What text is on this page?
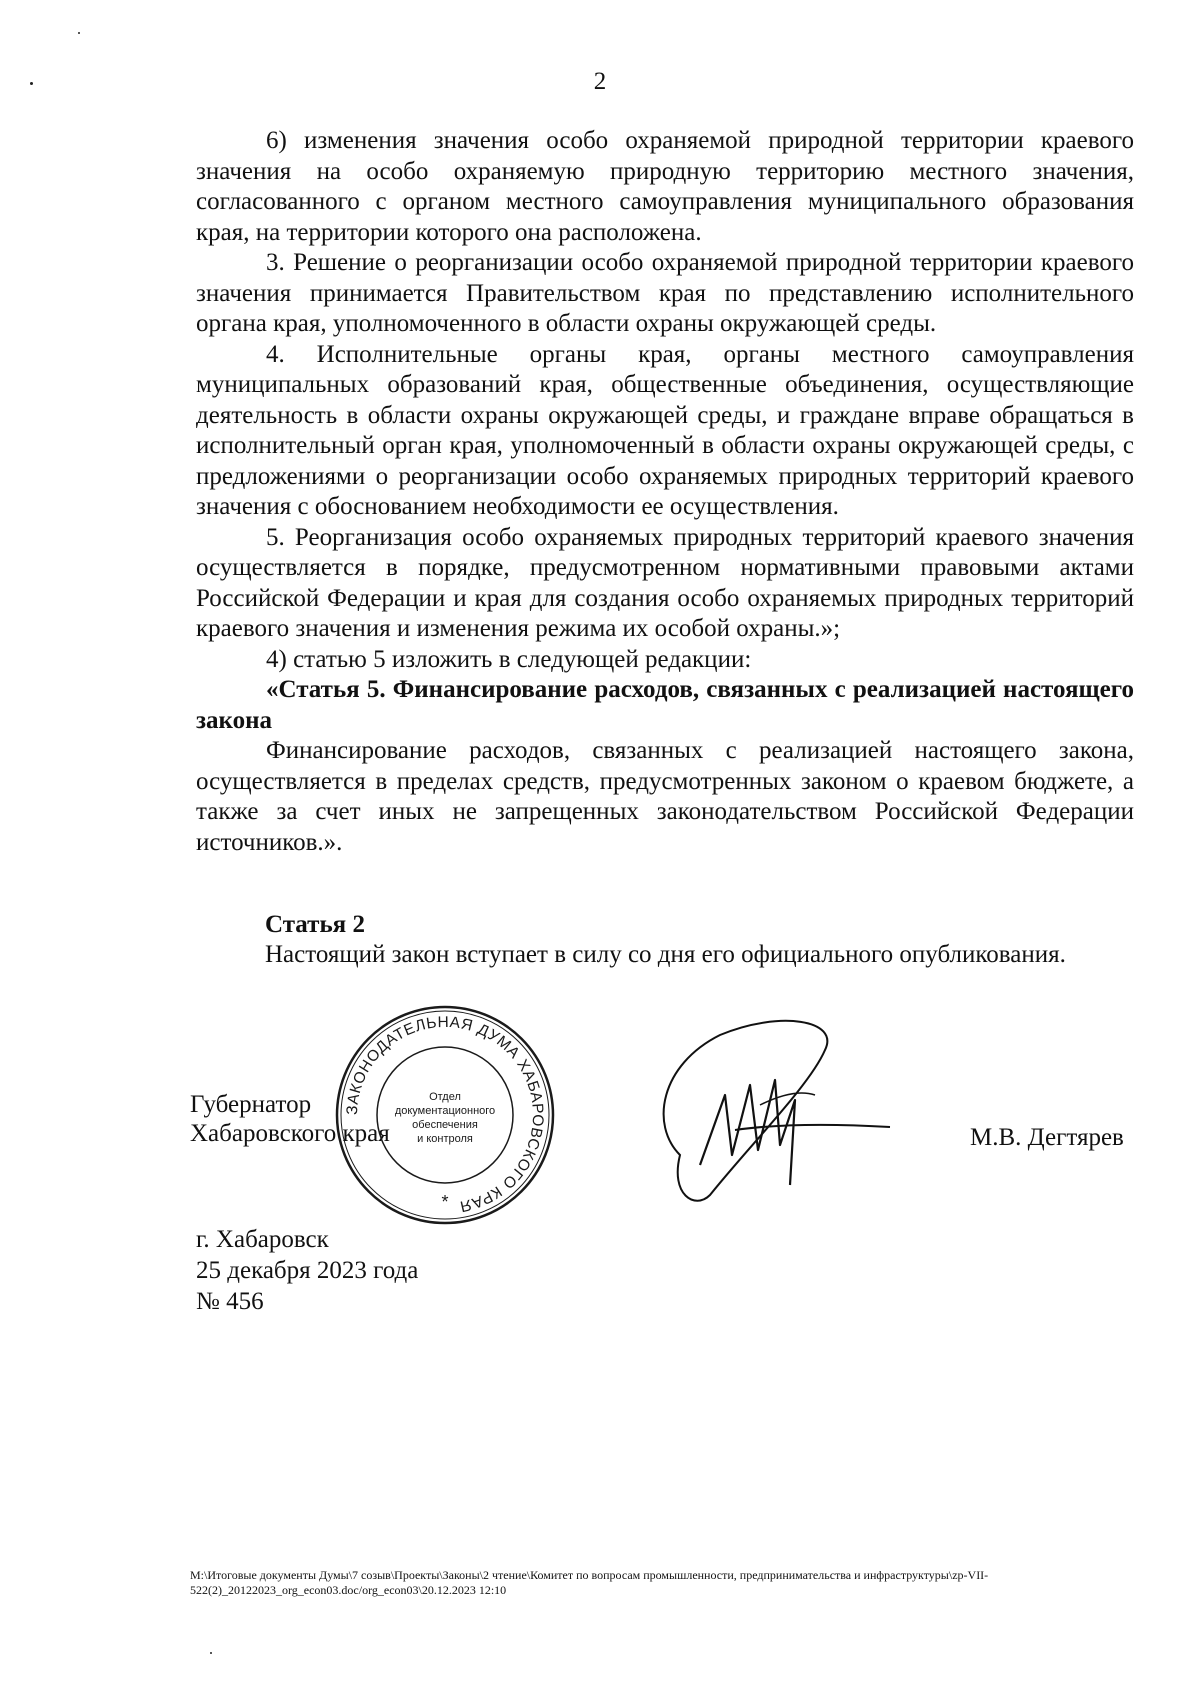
2

6) изменения значения особо охраняемой природной территории краевого значения на особо охраняемую природную территорию местного значения, согласованного с органом местного самоуправления муниципального образования края, на территории которого она расположена.

3. Решение о реорганизации особо охраняемой природной территории краевого значения принимается Правительством края по представлению исполнительного органа края, уполномоченного в области охраны окружающей среды.

4. Исполнительные органы края, органы местного самоуправления муниципальных образований края, общественные объединения, осуществляющие деятельность в области охраны окружающей среды, и граждане вправе обращаться в исполнительный орган края, уполномоченный в области охраны окружающей среды, с предложениями о реорганизации особо охраняемых природных территорий краевого значения с обоснованием необходимости ее осуществления.

5. Реорганизация особо охраняемых природных территорий краевого значения осуществляется в порядке, предусмотренном нормативными правовыми актами Российской Федерации и края для создания особо охраняемых природных территорий краевого значения и изменения режима их особой охраны.»;

4) статью 5 изложить в следующей редакции:

«Статья 5. Финансирование расходов, связанных с реализацией настоящего закона

Финансирование расходов, связанных с реализацией настоящего закона, осуществляется в пределах средств, предусмотренных законом о краевом бюджете, а также за счет иных не запрещенных законодательством Российской Федерации источников.».

Статья 2
Настоящий закон вступает в силу со дня его официального опубликования.
Губернатор
Хабаровского края
ЗАКОНОДАТЕЛЬНАЯ ДУМА ХАБАРОВСКОГО КРАЯ
Отдел
документационного
обеспечения
и контроля
*
М.В. Дегтярев
г. Хабаровск
25 декабря 2023 года
№ 456
M:\Итоговые документы Думы\7 созыв\Проекты\Законы\2 чтение\Комитет по вопросам промышленности, предпринимательства и инфраструктуры\zp-VII-522(2)_20122023_org_econ03.doc/org_econ03\20.12.2023 12:10
